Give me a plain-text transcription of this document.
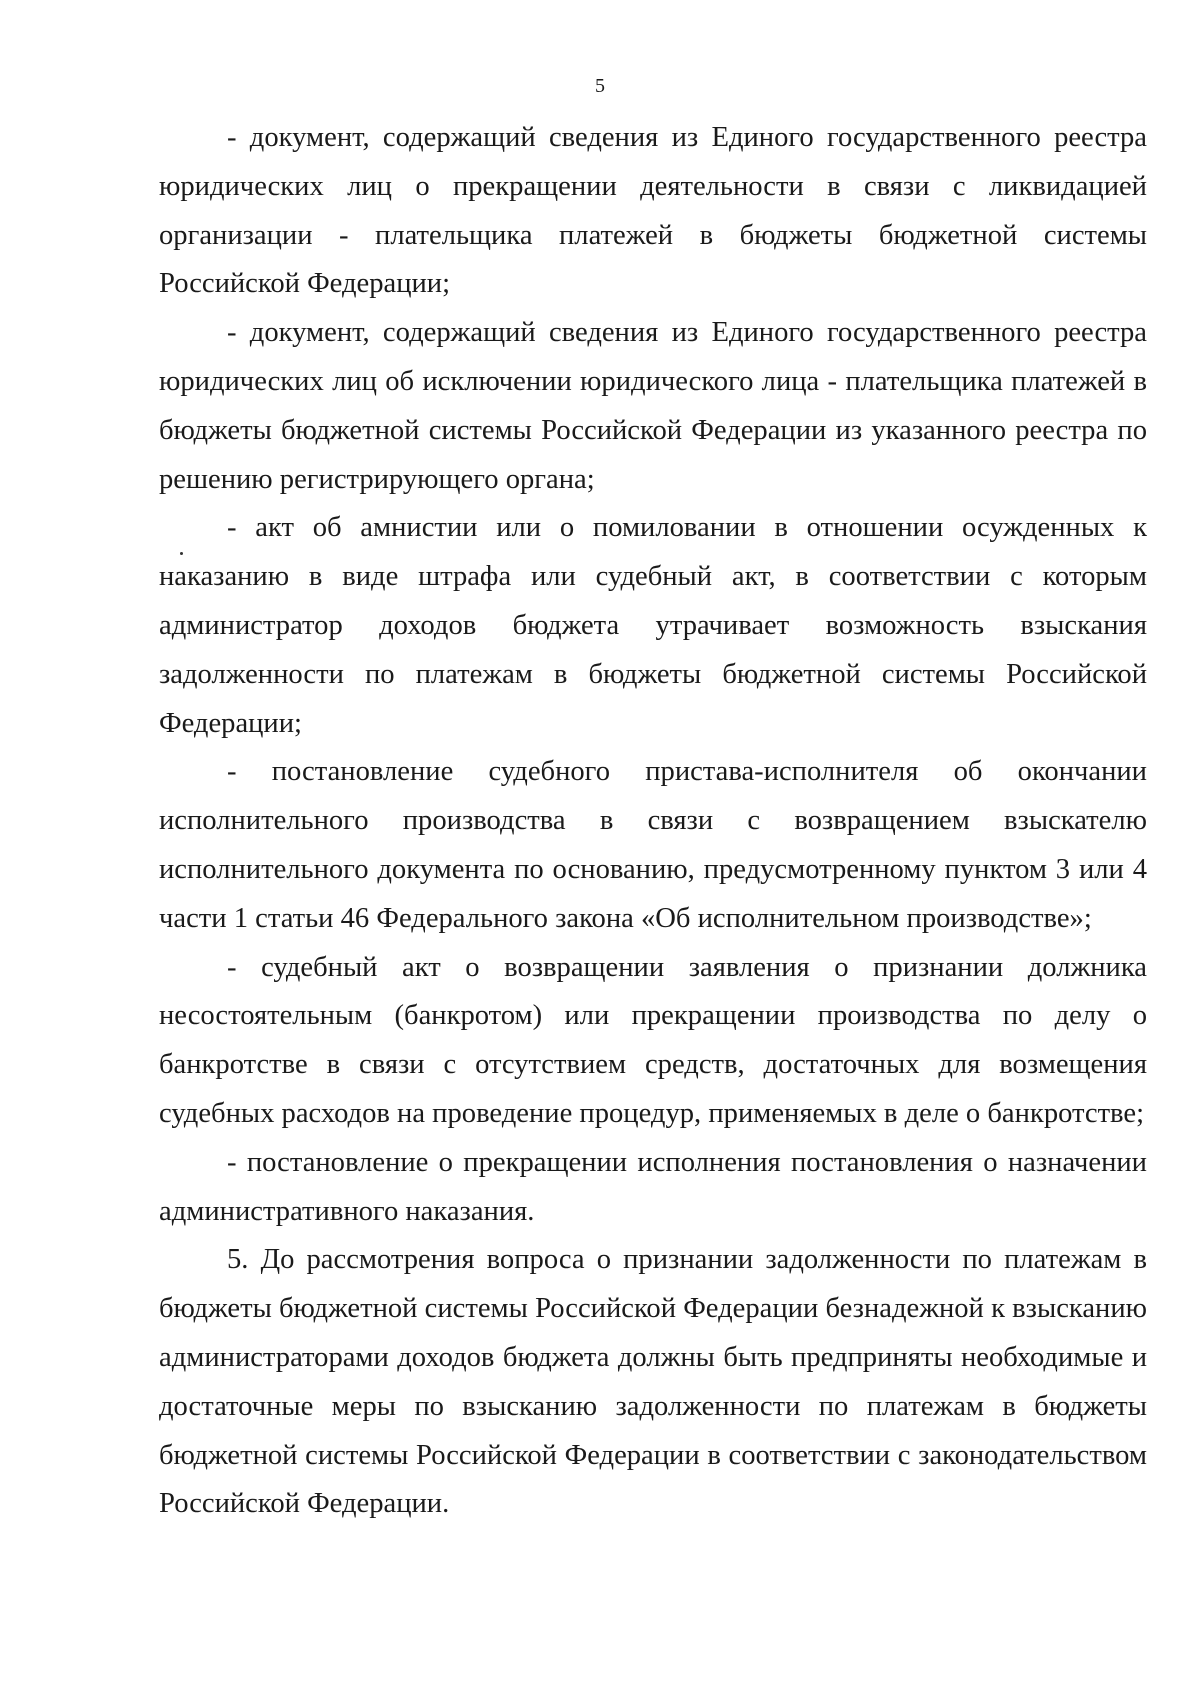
5

- документ, содержащий сведения из Единого государственного реестра юридических лиц о прекращении деятельности в связи с ликвидацией организации - плательщика платежей в бюджеты бюджетной системы Российской Федерации;

- документ, содержащий сведения из Единого государственного реестра юридических лиц об исключении юридического лица - плательщика платежей в бюджеты бюджетной системы Российской Федерации из указанного реестра по решению регистрирующего органа;

- акт об амнистии или о помиловании в отношении осужденных к наказанию в виде штрафа или судебный акт, в соответствии с которым администратор доходов бюджета утрачивает возможность взыскания задолженности по платежам в бюджеты бюджетной системы Российской Федерации;

- постановление судебного пристава-исполнителя об окончании исполнительного производства в связи с возвращением взыскателю исполнительного документа по основанию, предусмотренному пунктом 3 или 4 части 1 статьи 46 Федерального закона «Об исполнительном производстве»;

- судебный акт о возвращении заявления о признании должника несостоятельным (банкротом) или прекращении производства по делу о банкротстве в связи с отсутствием средств, достаточных для возмещения судебных расходов на проведение процедур, применяемых в деле о банкротстве;

- постановление о прекращении исполнения постановления о назначении административного наказания.

5. До рассмотрения вопроса о признании задолженности по платежам в бюджеты бюджетной системы Российской Федерации безнадежной к взысканию администраторами доходов бюджета должны быть предприняты необходимые и достаточные меры по взысканию задолженности по платежам в бюджеты бюджетной системы Российской Федерации в соответствии с законодательством Российской Федерации.
